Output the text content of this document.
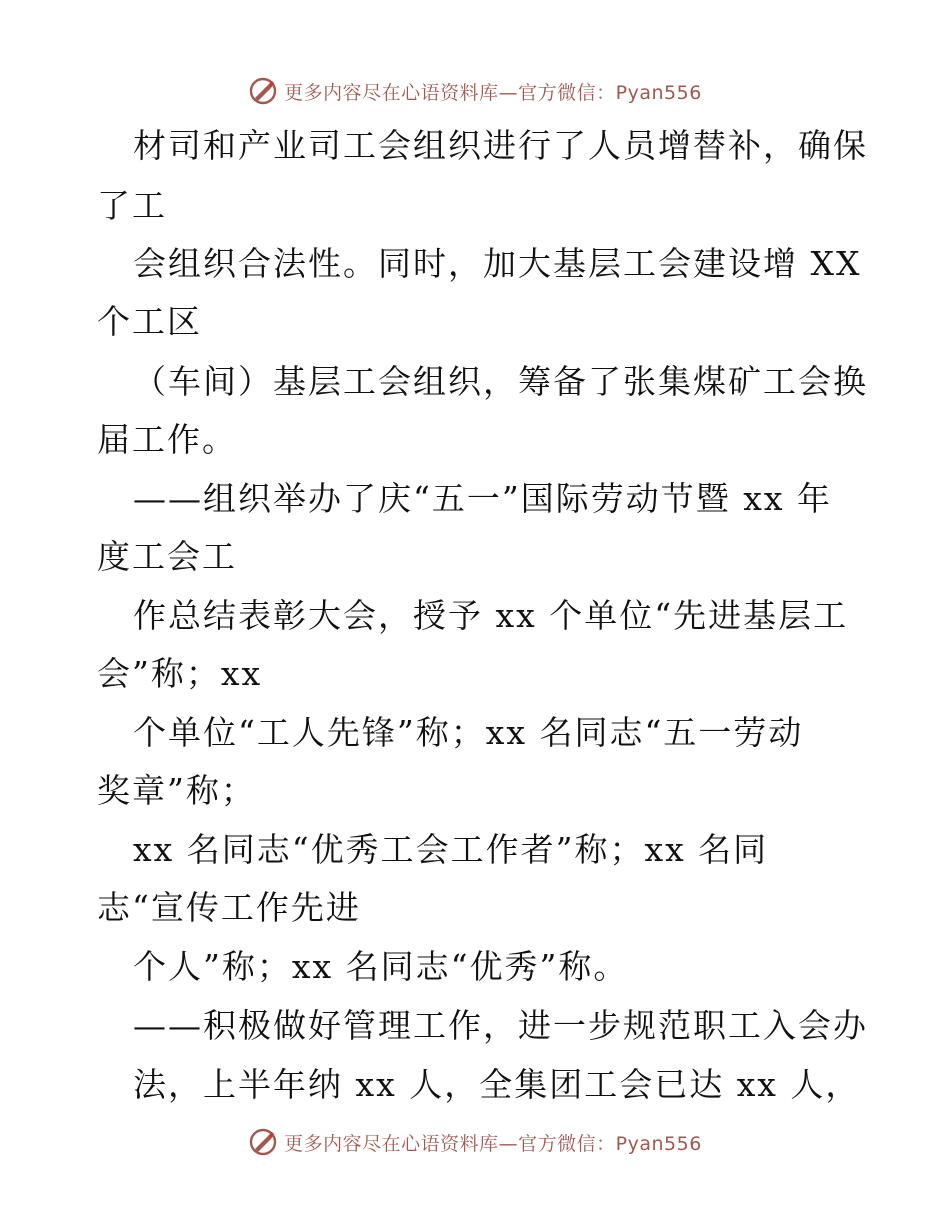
更多内容尽在心语资料库—官方微信：Pyan556
材司和产业司工会组织进行了人员增替补，确保
了工
会组织合法性。同时，加大基层工会建设增 XX
个工区
（车间）基层工会组织，筹备了张集煤矿工会换
届工作。
——组织举办了庆“五一”国际劳动节暨 xx 年
度工会工
作总结表彰大会，授予 xx 个单位“先进基层工
会”称；xx
个单位“工人先锋”称；xx 名同志“五一劳动
奖章”称；
xx 名同志“优秀工会工作者”称；xx 名同
志“宣传工作先进
个人”称；xx 名同志“优秀”称。
——积极做好管理工作，进一步规范职工入会办
法，上半年纳 xx 人，全集团工会已达 xx 人，
更多内容尽在心语资料库—官方微信：Pyan556
